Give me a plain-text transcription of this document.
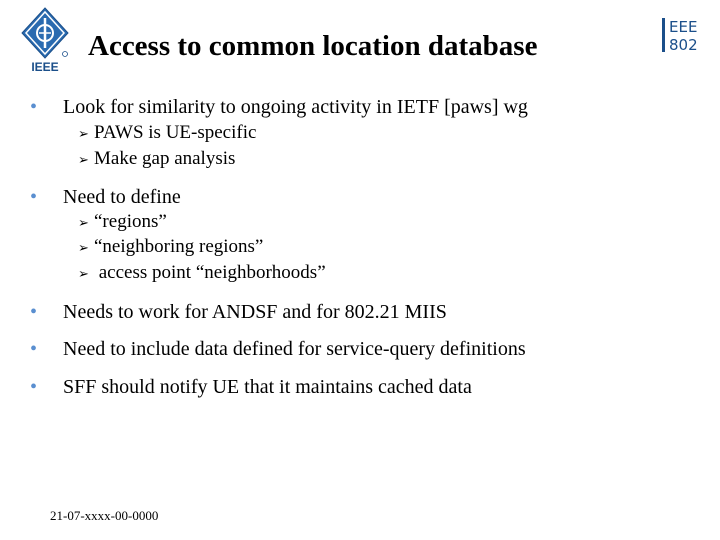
IEEE
EEE
802
Access to common location database
• Look for similarity to ongoing activity in IETF [paws] wg
➢ PAWS is UE-specific
➢ Make gap analysis
• Need to define
➢ “regions”
➢ “neighboring regions”
➢ access point “neighborhoods”
• Needs to work for ANDSF and for 802.21 MIIS
• Need to include data defined for service-query definitions
• SFF should notify UE that it maintains cached data
21-07-xxxx-00-0000
